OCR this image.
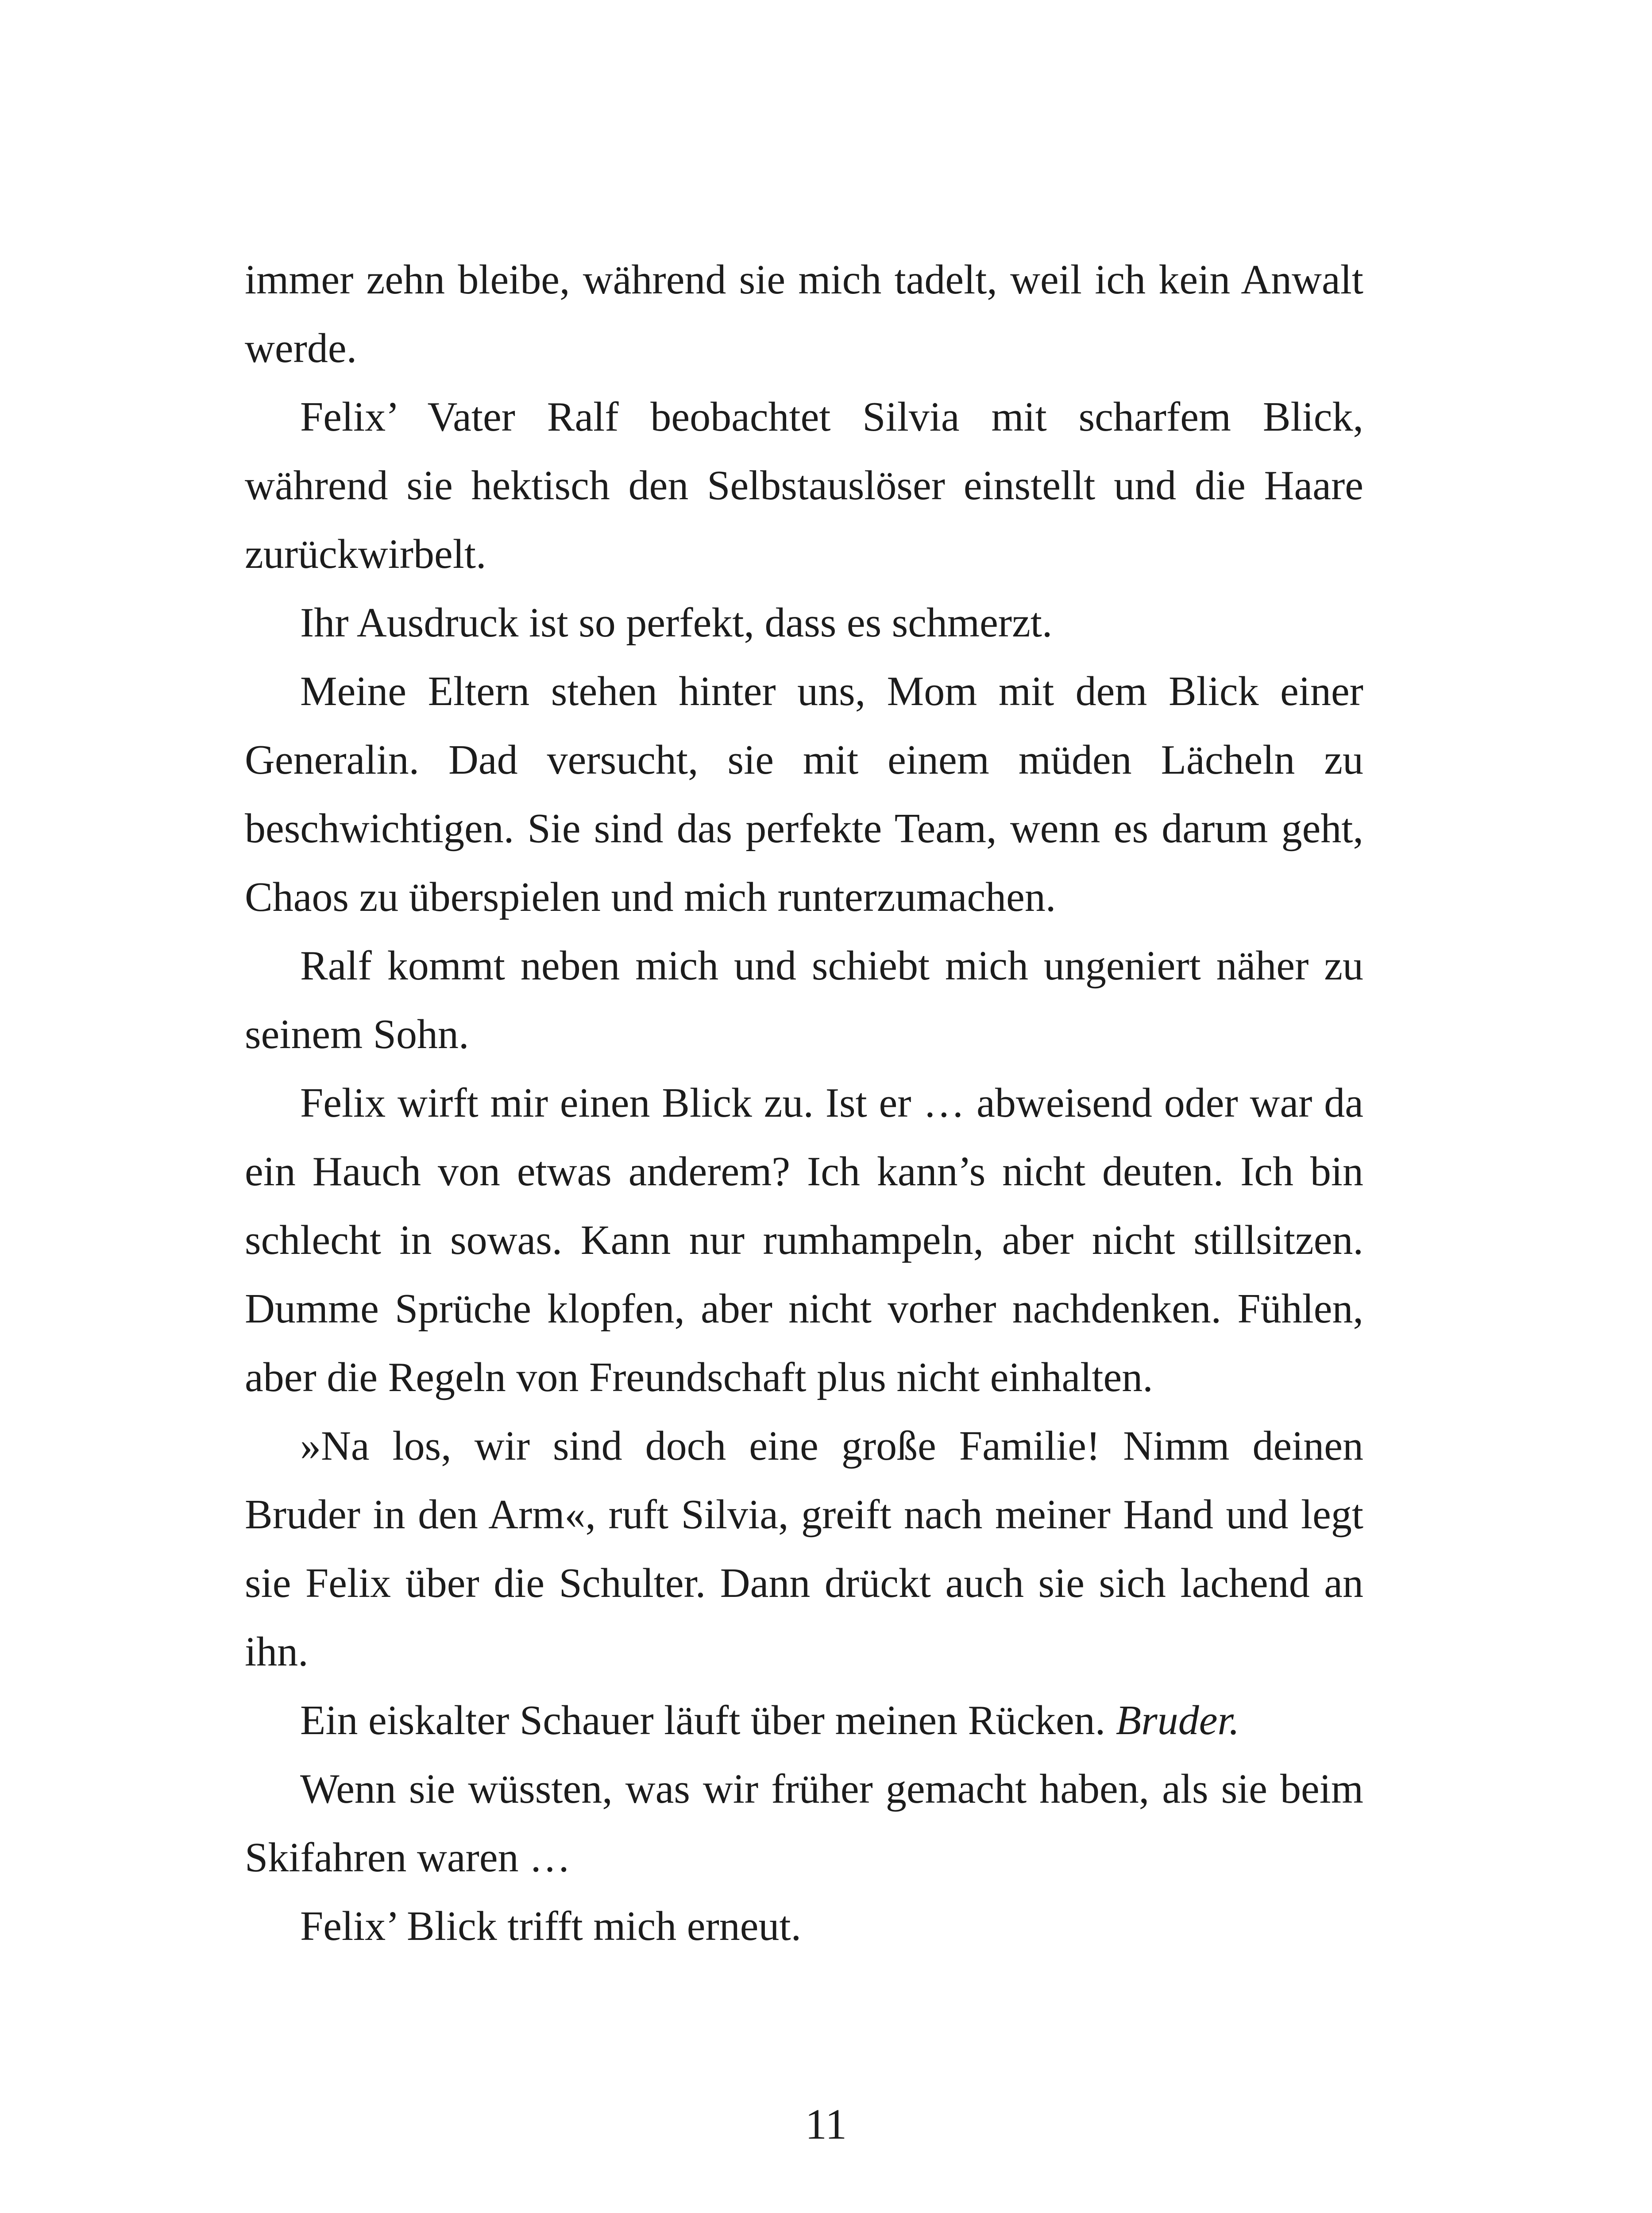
immer zehn bleibe, während sie mich tadelt, weil ich kein Anwalt werde.

Felix’ Vater Ralf beobachtet Silvia mit scharfem Blick, während sie hektisch den Selbstauslöser einstellt und die Haare zurückwirbelt.

Ihr Ausdruck ist so perfekt, dass es schmerzt.

Meine Eltern stehen hinter uns, Mom mit dem Blick einer Generalin. Dad versucht, sie mit einem müden Lächeln zu beschwichtigen. Sie sind das perfekte Team, wenn es darum geht, Chaos zu überspielen und mich runterzumachen.

Ralf kommt neben mich und schiebt mich ungeniert näher zu seinem Sohn.

Felix wirft mir einen Blick zu. Ist er … abweisend oder war da ein Hauch von etwas anderem? Ich kann’s nicht deuten. Ich bin schlecht in sowas. Kann nur rumhampeln, aber nicht stillsitzen. Dumme Sprüche klopfen, aber nicht vorher nachdenken. Fühlen, aber die Regeln von Freundschaft plus nicht einhalten.

»Na los, wir sind doch eine große Familie! Nimm deinen Bruder in den Arm«, ruft Silvia, greift nach meiner Hand und legt sie Felix über die Schulter. Dann drückt auch sie sich lachend an ihn.

Ein eiskalter Schauer läuft über meinen Rücken. Bruder.

Wenn sie wüssten, was wir früher gemacht haben, als sie beim Skifahren waren …

Felix’ Blick trifft mich erneut.

11
